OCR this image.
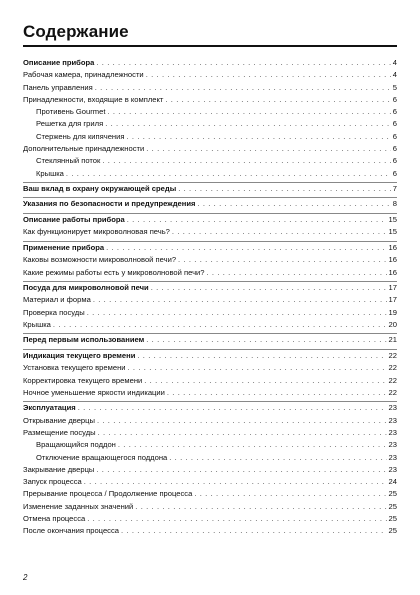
Содержание
Описание прибора . . .	4
Рабочая камера, принадлежности . . .	4
Панель управления . . .	5
Принадлежности, входящие в комплект . . .	6
Противень Gourmet . . .	6
Решетка для гриля . . .	6
Стержень для кипячения . . .	6
Дополнительные принадлежности . . .	6
Стеклянный поток . . .	6
Крышка . . .	6
Ваш вклад в охрану окружающей среды . . .	7
Указания по безопасности и предупреждения . . .	8
Описание работы прибора . . .	15
Как функционирует микроволновая печь? . . .	15
Применение прибора . . .	16
Каковы возможности микроволновой печи? . . .	16
Какие режимы работы есть у микроволновой печи? . . .	16
Посуда для микроволновой печи . . .	17
Материал и форма . . .	17
Проверка посуды . . .	19
Крышка . . .	20
Перед первым использованием . . .	21
Индикация текущего времени . . .	22
Установка текущего времени . . .	22
Корректировка текущего времени . . .	22
Ночное уменьшение яркости индикации . . .	22
Эксплуатация . . .	23
Открывание дверцы . . .	23
Размещение посуды . . .	23
Вращающийся поддон . . .	23
Отключение вращающегося поддона . . .	23
Закрывание дверцы . . .	23
Запуск процесса . . .	24
Прерывание процесса / Продолжение процесса . . .	25
Изменение заданных значений . . .	25
Отмена процесса . . .	25
После окончания процесса . . .	25
2
